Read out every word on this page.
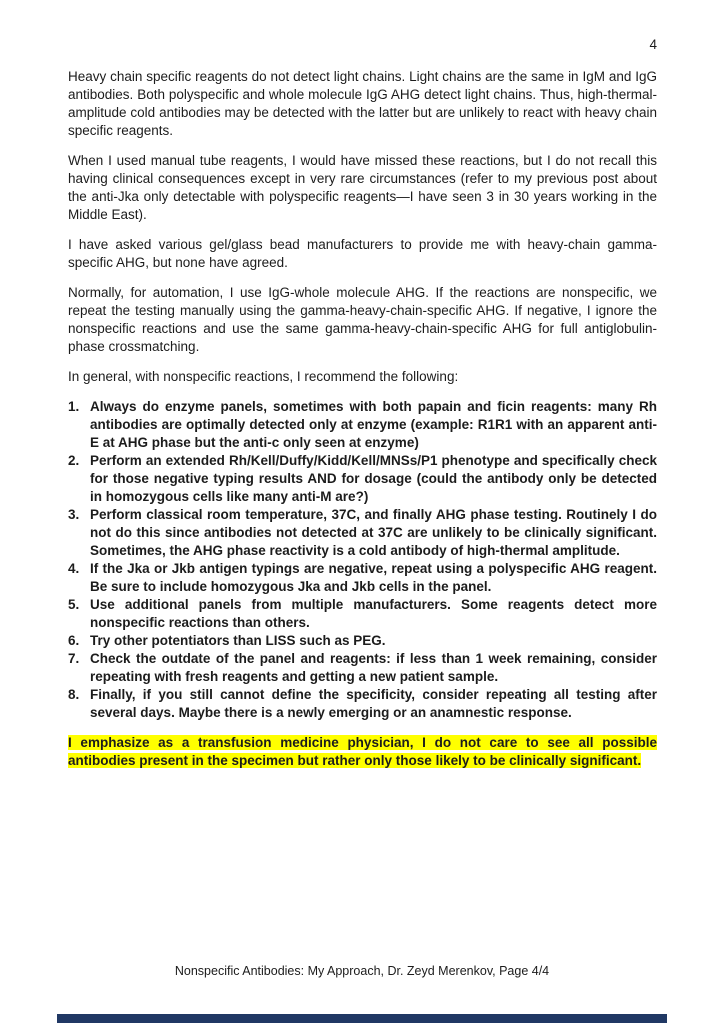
4
Heavy chain specific reagents do not detect light chains. Light chains are the same in IgM and IgG antibodies. Both polyspecific and whole molecule IgG AHG detect light chains. Thus, high-thermal-amplitude cold antibodies may be detected with the latter but are unlikely to react with heavy chain specific reagents.
When I used manual tube reagents, I would have missed these reactions, but I do not recall this having clinical consequences except in very rare circumstances (refer to my previous post about the anti-Jka only detectable with polyspecific reagents—I have seen 3 in 30 years working in the Middle East).
I have asked various gel/glass bead manufacturers to provide me with heavy-chain gamma-specific AHG, but none have agreed.
Normally, for automation, I use IgG-whole molecule AHG. If the reactions are nonspecific, we repeat the testing manually using the gamma-heavy-chain-specific AHG. If negative, I ignore the nonspecific reactions and use the same gamma-heavy-chain-specific AHG for full antiglobulin-phase crossmatching.
In general, with nonspecific reactions, I recommend the following:
1. Always do enzyme panels, sometimes with both papain and ficin reagents: many Rh antibodies are optimally detected only at enzyme (example: R1R1 with an apparent anti-E at AHG phase but the anti-c only seen at enzyme)
2. Perform an extended Rh/Kell/Duffy/Kidd/Kell/MNSs/P1 phenotype and specifically check for those negative typing results AND for dosage (could the antibody only be detected in homozygous cells like many anti-M are?)
3. Perform classical room temperature, 37C, and finally AHG phase testing. Routinely I do not do this since antibodies not detected at 37C are unlikely to be clinically significant. Sometimes, the AHG phase reactivity is a cold antibody of high-thermal amplitude.
4. If the Jka or Jkb antigen typings are negative, repeat using a polyspecific AHG reagent. Be sure to include homozygous Jka and Jkb cells in the panel.
5. Use additional panels from multiple manufacturers. Some reagents detect more nonspecific reactions than others.
6. Try other potentiators than LISS such as PEG.
7. Check the outdate of the panel and reagents: if less than 1 week remaining, consider repeating with fresh reagents and getting a new patient sample.
8. Finally, if you still cannot define the specificity, consider repeating all testing after several days. Maybe there is a newly emerging or an anamnestic response.
I emphasize as a transfusion medicine physician, I do not care to see all possible antibodies present in the specimen but rather only those likely to be clinically significant.
Nonspecific Antibodies: My Approach, Dr. Zeyd Merenkov, Page 4/4
